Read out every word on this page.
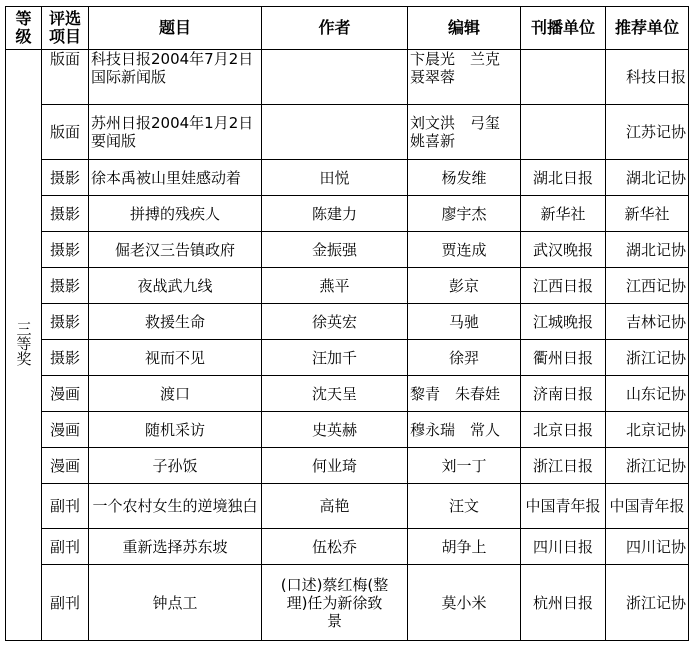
等级	评选项目	题目	作者	编辑	刊播单位	推荐单位
三等奖	版面	科技日报2004年7月2日国际新闻版		卞晨光　兰克　聂翠蓉		科技日报
	版面	苏州日报2004年1月2日要闻版		刘文洪　弓玺　姚喜新		江苏记协
	摄影	徐本禹被山里娃感动着	田悦	杨发维	湖北日报	湖北记协
	摄影	拼搏的残疾人	陈建力	廖宇杰	新华社	新华社
	摄影	倔老汉三告镇政府	金振强	贾连成	武汉晚报	湖北记协
	摄影	夜战武九线	燕平	彭京	江西日报	江西记协
	摄影	救援生命	徐英宏	马驰	江城晚报	吉林记协
	摄影	视而不见	汪加千	徐羿	衢州日报	浙江记协
	漫画	渡口	沈天呈	黎青　朱春娃	济南日报	山东记协
	漫画	随机采访	史英赫	穆永瑞　常人	北京日报	北京记协
	漫画	子孙饭	何业琦	刘一丁	浙江日报	浙江记协
	副刊	一个农村女生的逆境独白	高艳	汪文	中国青年报	中国青年报
	副刊	重新选择苏东坡	伍松乔	胡争上	四川日报	四川记协
	副刊	钟点工	(口述)蔡红梅(整理)任为新徐致景	莫小米	杭州日报	浙江记协
